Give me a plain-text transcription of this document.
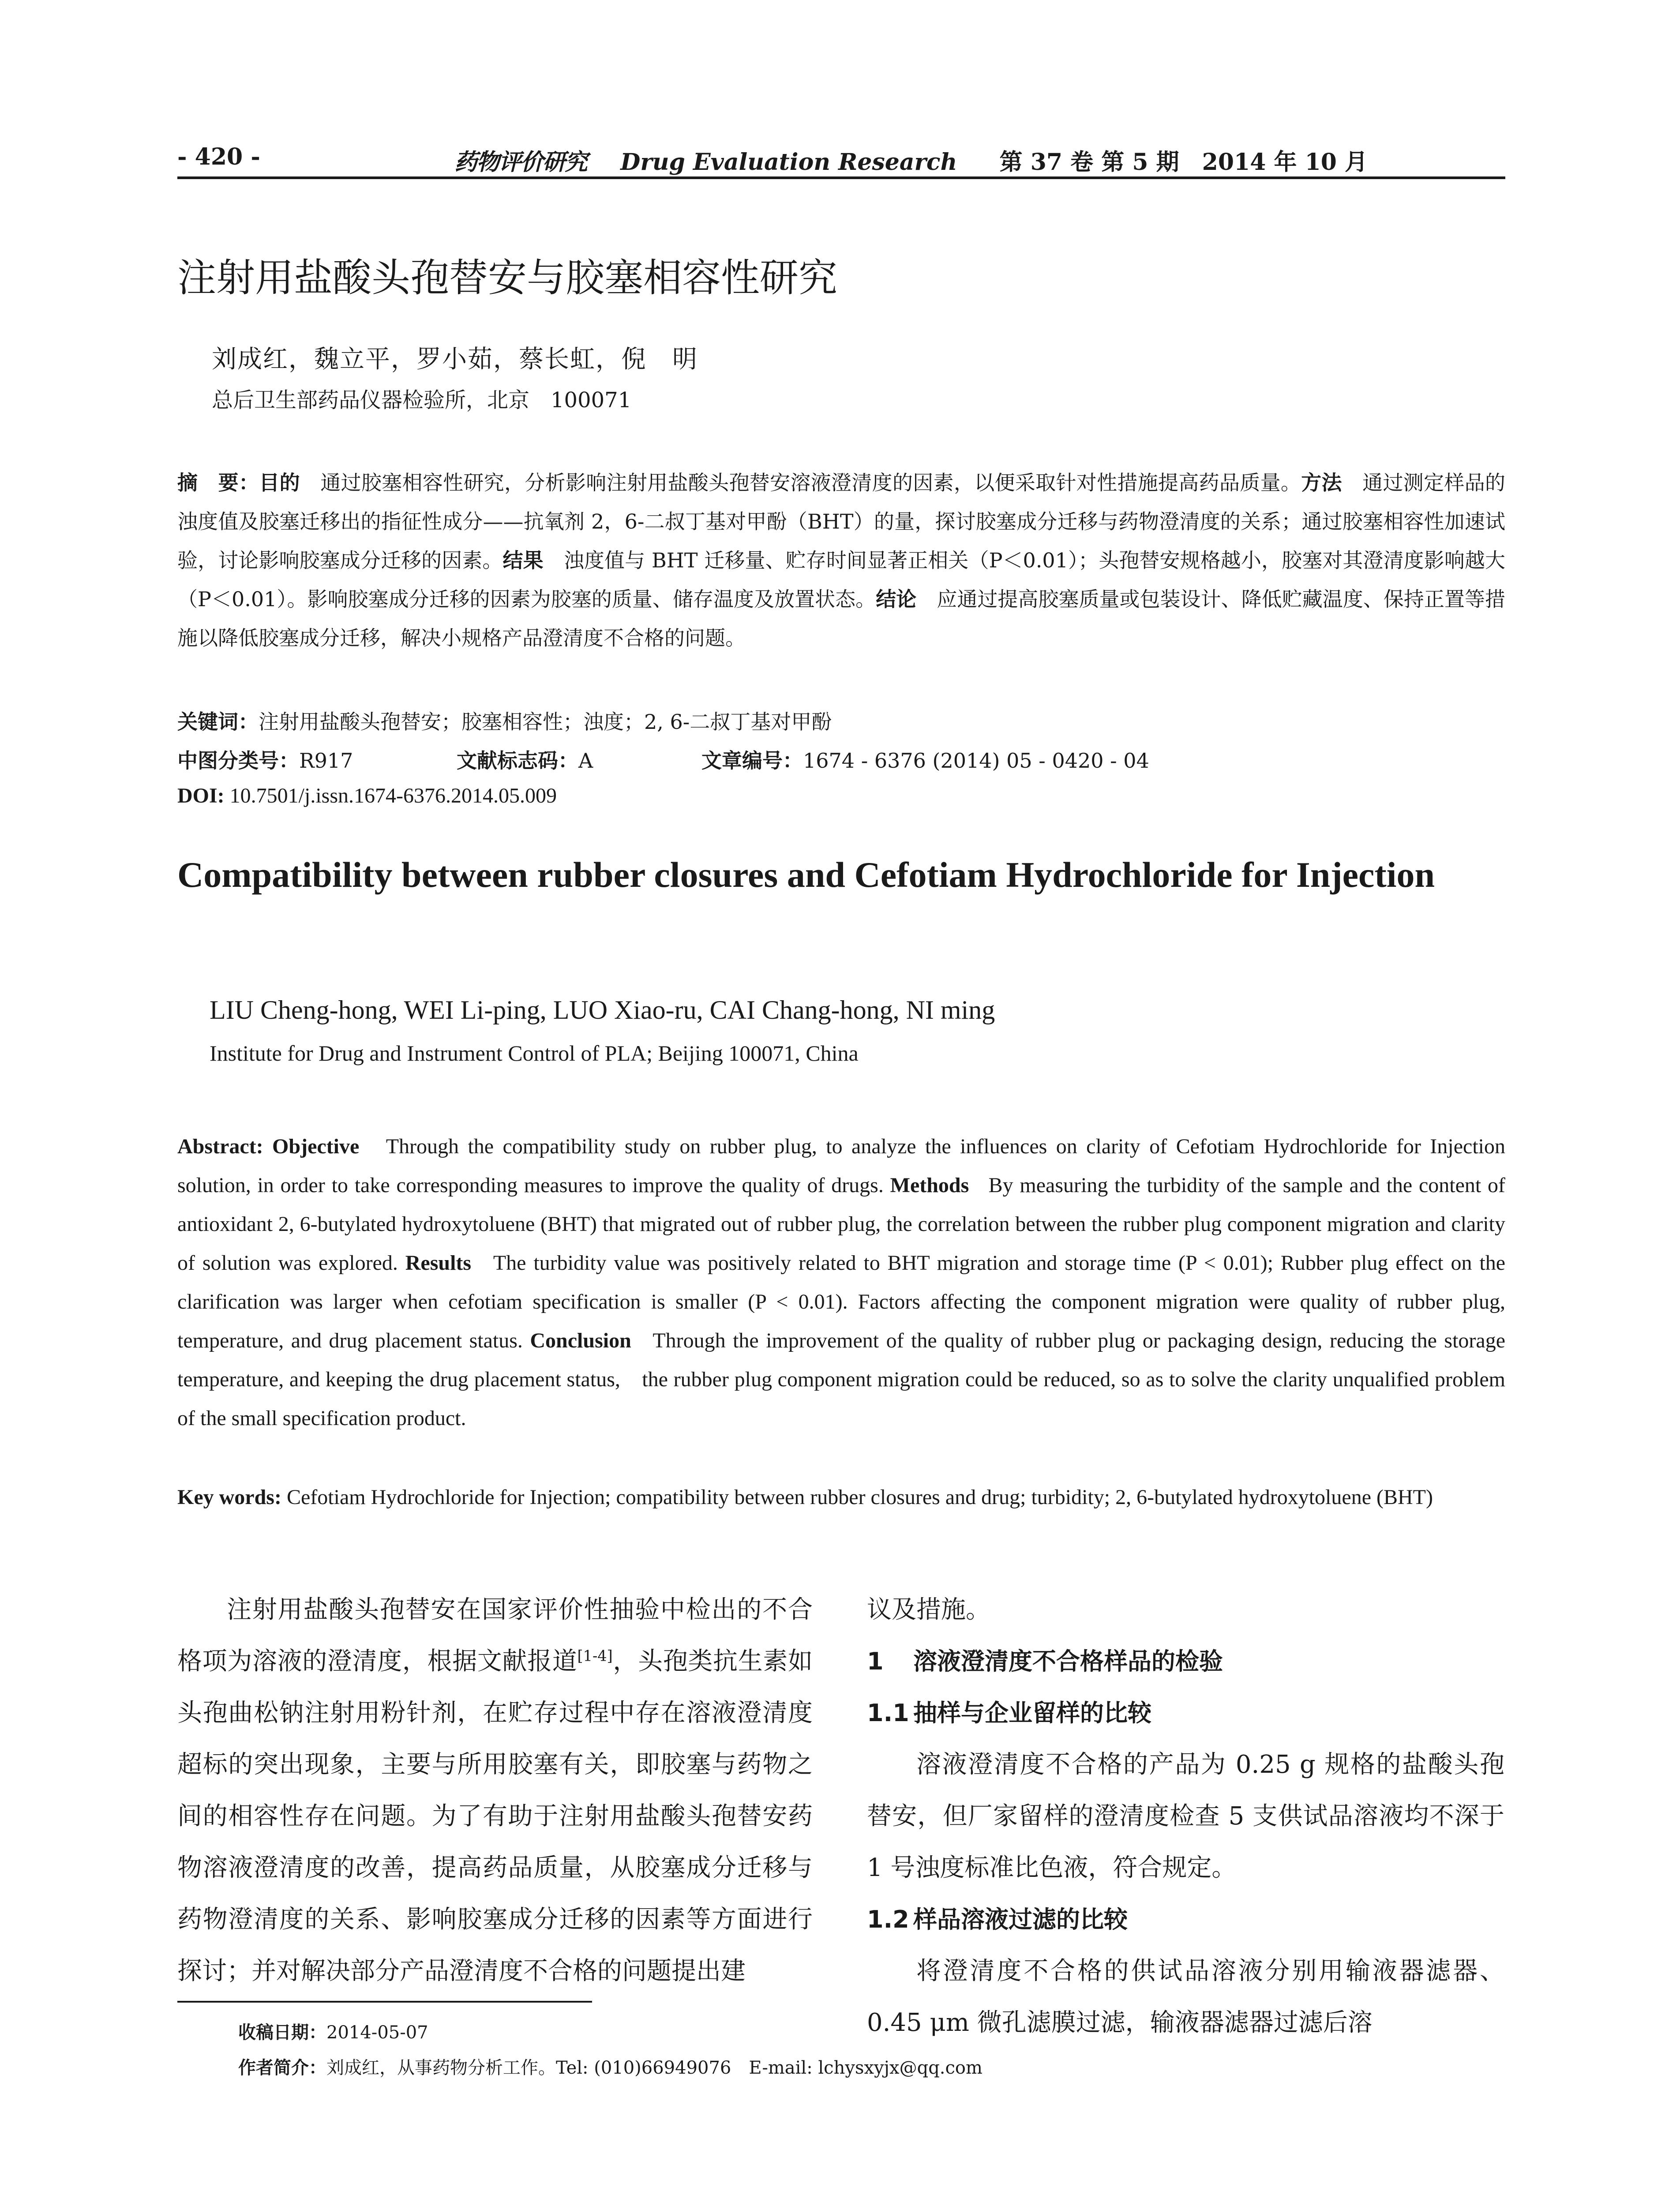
- 420 -	药物评价研究 Drug Evaluation Research 第 37 卷 第 5 期　2014 年 10 月
注射用盐酸头孢替安与胶塞相容性研究
刘成红，魏立平，罗小茹，蔡长虹，倪　明
总后卫生部药品仪器检验所，北京　100071
摘　要：目的　 通过胶塞相容性研究，分析影响注射用盐酸头孢替安溶液澄清度的因素，以便采取针对性措施提高药品质量。方法　 通过测定样品的浊度值及胶塞迁移出的指征性成分——抗氧剂 2，6-二叔丁基对甲酚（BHT）的量，探讨胶塞成分迁移与药物澄清度的关系；通过胶塞相容性加速试验，讨论影响胶塞成分迁移的因素。结果　 浊度值与 BHT 迁移量、贮存时间显著正相关（P＜0.01）；头孢替安规格越小，胶塞对其澄清度影响越大（P＜0.01）。影响胶塞成分迁移的因素为胶塞的质量、储存温度及放置状态。结论　 应通过提高胶塞质量或包装设计、降低贮藏温度、保持正置等措施以降低胶塞成分迁移，解决小规格产品澄清度不合格的问题。
关键词：注射用盐酸头孢替安；胶塞相容性；浊度；2, 6-二叔丁基对甲酚
中图分类号：R917	文献标志码：A	文章编号：1674 - 6376 (2014) 05 - 0420 - 04
DOI: 10.7501/j.issn.1674-6376.2014.05.009
Compatibility between rubber closures and Cefotiam Hydrochloride for Injection
LIU Cheng-hong, WEI Li-ping, LUO Xiao-ru, CAI Chang-hong, NI ming
Institute for Drug and Instrument Control of PLA; Beijing 100071, China
Abstract: Objective Through the compatibility study on rubber plug, to analyze the influences on clarity of Cefotiam Hydrochloride for Injection solution, in order to take corresponding measures to improve the quality of drugs. Methods By measuring the turbidity of the sample and the content of antioxidant 2, 6-butylated hydroxytoluene (BHT) that migrated out of rubber plug, the correlation between the rubber plug component migration and clarity of solution was explored. Results The turbidity value was positively related to BHT migration and storage time (P < 0.01); Rubber plug effect on the clarification was larger when cefotiam specification is smaller (P < 0.01). Factors affecting the component migration were quality of rubber plug, temperature, and drug placement status. Conclusion Through the improvement of the quality of rubber plug or packaging design, reducing the storage temperature, and keeping the drug placement status,　the rubber plug component migration could be reduced, so as to solve the clarity unqualified problem of the small specification product.
Key words: Cefotiam Hydrochloride for Injection; compatibility between rubber closures and drug; turbidity; 2, 6-butylated hydroxytoluene (BHT)
注射用盐酸头孢替安在国家评价性抽验中检出的不合格项为溶液的澄清度，根据文献报道[1-4]，头孢类抗生素如头孢曲松钠注射用粉针剂，在贮存过程中存在溶液澄清度超标的突出现象，主要与所用胶塞有关，即胶塞与药物之间的相容性存在问题。为了有助于注射用盐酸头孢替安药物溶液澄清度的改善，提高药品质量，从胶塞成分迁移与药物澄清度的关系、影响胶塞成分迁移的因素等方面进行探讨；并对解决部分产品澄清度不合格的问题提出建
议及措施。
1 溶液澄清度不合格样品的检验
1.1 抽样与企业留样的比较
溶液澄清度不合格的产品为 0.25 g 规格的盐酸头孢替安，但厂家留样的澄清度检查 5 支供试品溶液均不深于 1 号浊度标准比色液，符合规定。
1.2 样品溶液过滤的比较
将澄清度不合格的供试品溶液分别用输液器滤器、0.45 μm 微孔滤膜过滤，输液器滤器过滤后溶
收稿日期：2014-05-07
作者简介：刘成红，从事药物分析工作。Tel: (010)66949076　E-mail: lchysxyjx@qq.com
